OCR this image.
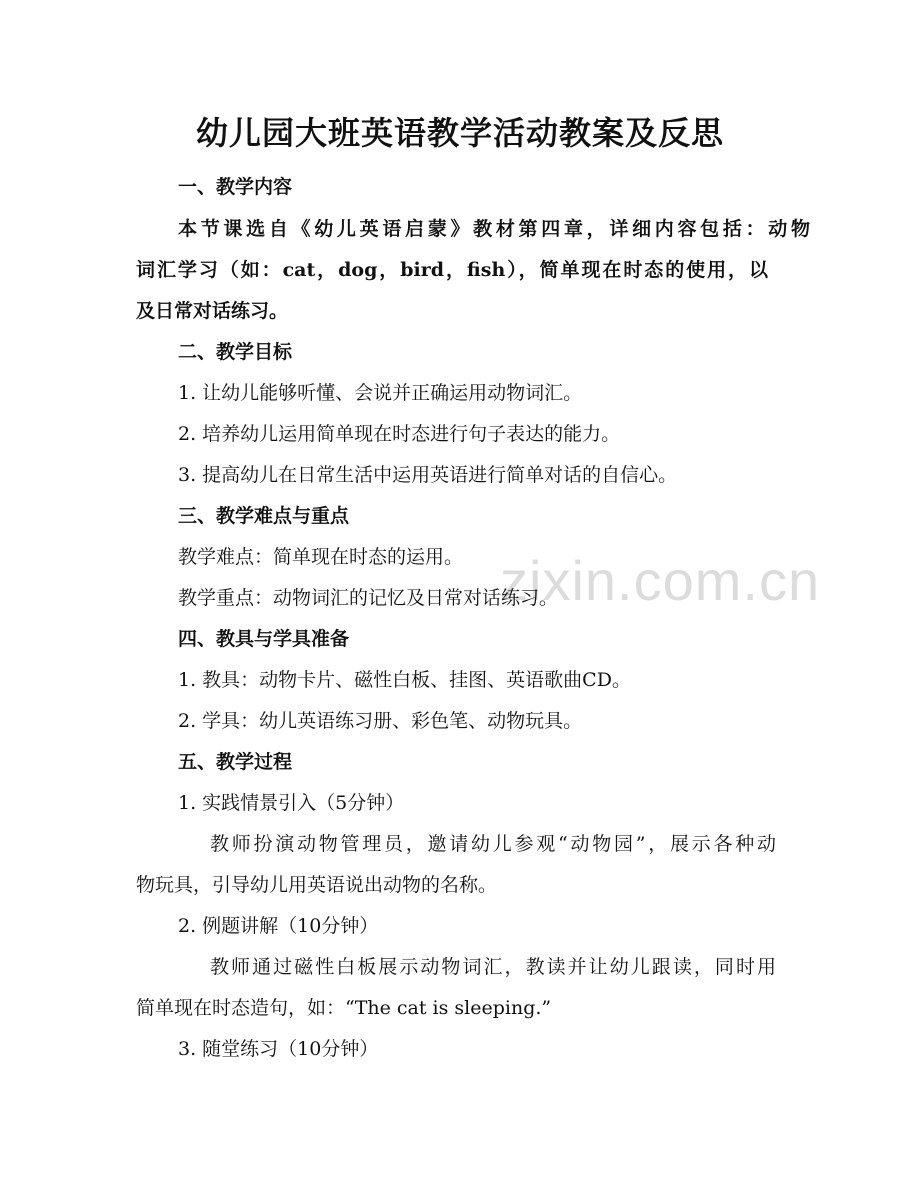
zixin.com.cn
幼儿园大班英语教学活动教案及反思
一、教学内容
本节课选自《幼儿英语启蒙》教材第四章，详细内容包括：动物
词汇学习（如：cat，dog，bird，fish），简单现在时态的使用，以
及日常对话练习。
二、教学目标
1. 让幼儿能够听懂、会说并正确运用动物词汇。
2. 培养幼儿运用简单现在时态进行句子表达的能力。
3. 提高幼儿在日常生活中运用英语进行简单对话的自信心。
三、教学难点与重点
教学难点：简单现在时态的运用。
教学重点：动物词汇的记忆及日常对话练习。
四、教具与学具准备
1. 教具：动物卡片、磁性白板、挂图、英语歌曲CD。
2. 学具：幼儿英语练习册、彩色笔、动物玩具。
五、教学过程
1. 实践情景引入（5分钟）
教师扮演动物管理员，邀请幼儿参观“动物园”，展示各种动
物玩具，引导幼儿用英语说出动物的名称。
2. 例题讲解（10分钟）
教师通过磁性白板展示动物词汇，教读并让幼儿跟读，同时用
简单现在时态造句，如：“The cat is sleeping.”
3. 随堂练习（10分钟）
